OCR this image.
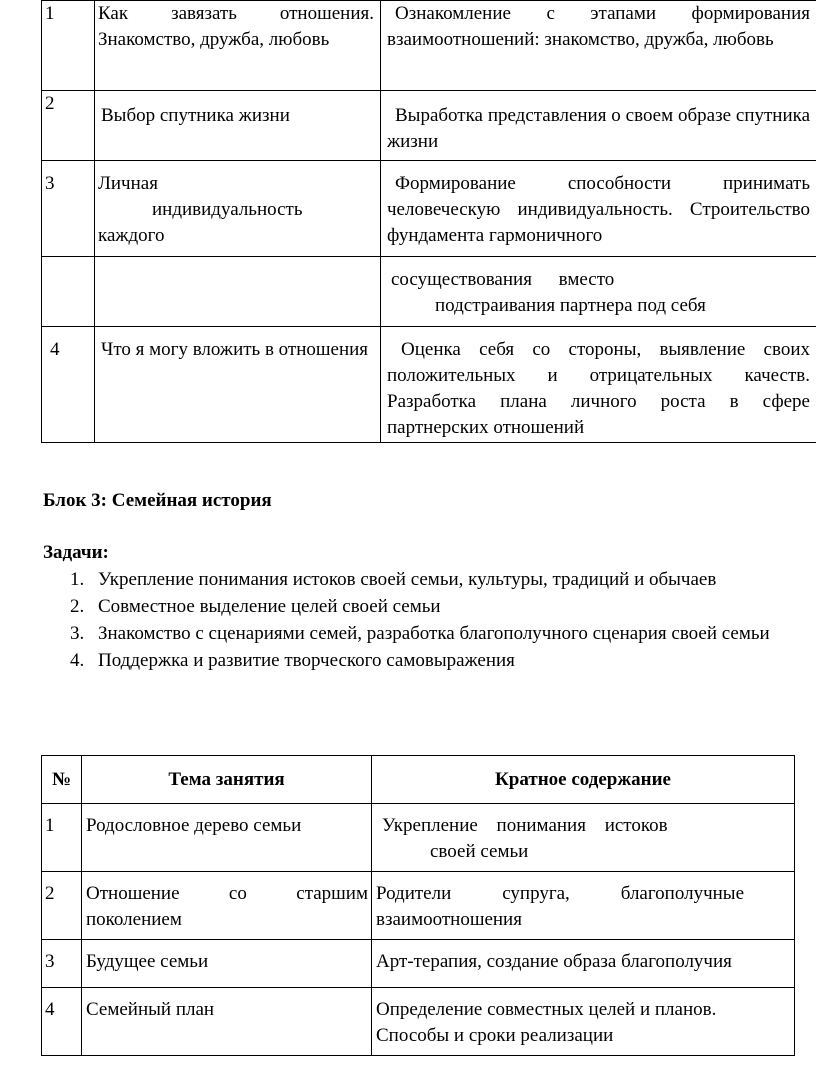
1	Как завязать отношения. Знакомство, дружба, любовь	Ознакомление с этапами формирования взаимоотношений: знакомство, дружба, любовь
2	Выбор спутника жизни	Выработка представления о своем образе спутника жизни
3	Личная
индивидуальность
каждого	Формирование способности принимать человеческую индивидуальность. Строительство фундамента гармоничного

		сосуществования вместо
подстраивания партнера под себя

4	Что я могу вложить в отношения	Оценка себя со стороны, выявление своих положительных и отрицательных качеств. Разработка плана личного роста в сфере партнерских отношений
Блок 3: Семейная история
Задачи:
1. Укрепление понимания истоков своей семьи, культуры, традиций и обычаев
2. Совместное выделение целей своей семьи
3. Знакомство с сценариями семей, разработка благополучного сценария своей семьи
4. Поддержка и развитие творческого самовыражения
№	Тема занятия	Кратное содержание
1	Родословное дерево семьи	Укрепление понимания истоков
своей семьи

2	Отношение со старшим поколением	Родители супруга, благополучные взаимоотношения
3	Будущее семьи	Арт-терапия, создание образа благополучия
4	Семейный план	Определение совместных целей и планов. Способы и сроки реализации
